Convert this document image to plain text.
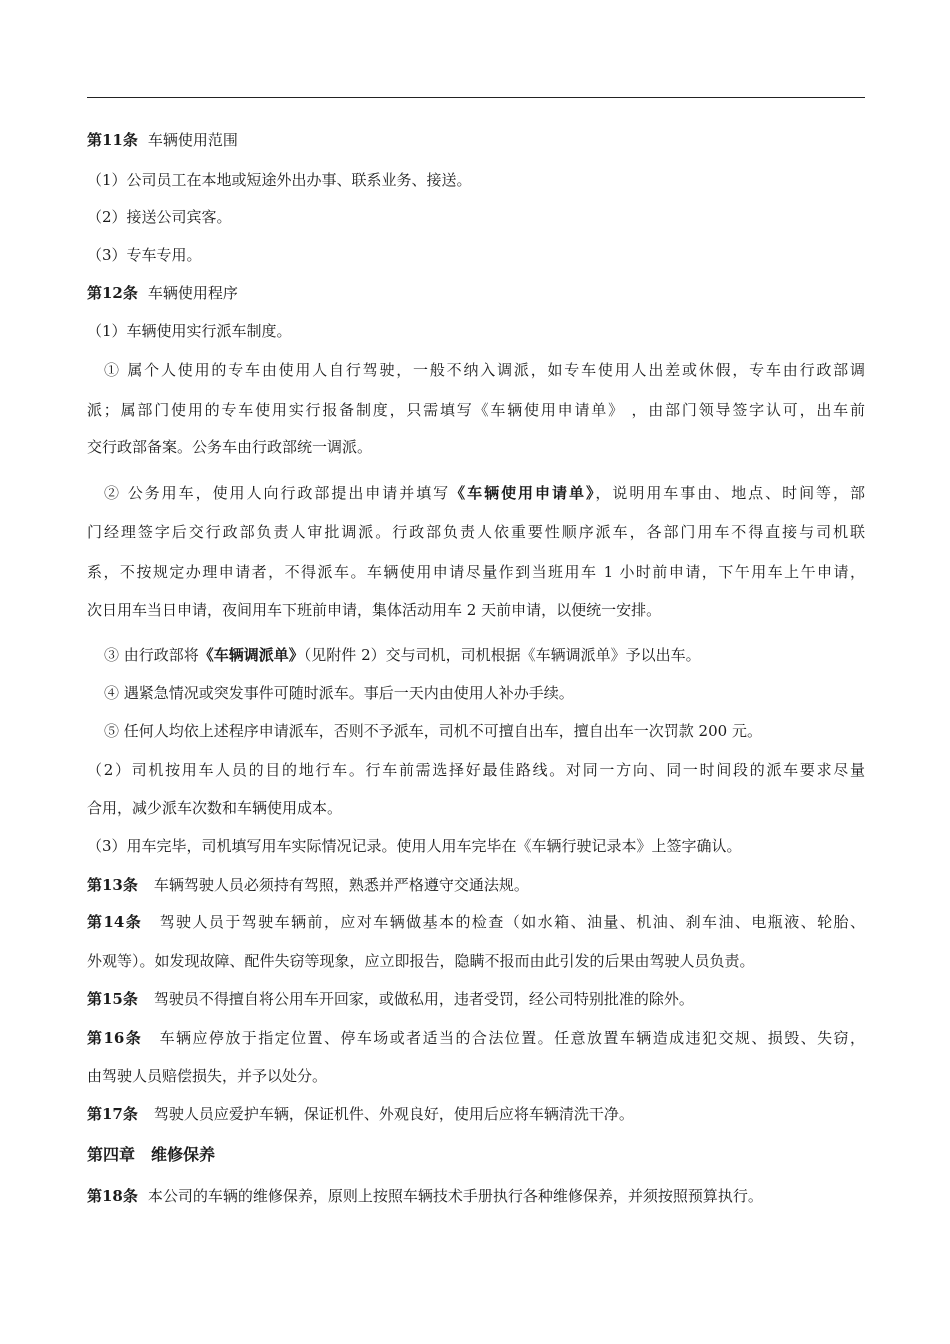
第11条 车辆使用范围
（1）公司员工在本地或短途外出办事、联系业务、接送。
（2）接送公司宾客。
（3）专车专用。
第12条 车辆使用程序
（1）车辆使用实行派车制度。
① 属个人使用的专车由使用人自行驾驶，一般不纳入调派，如专车使用人出差或休假，专车由行政部调
派；属部门使用的专车使用实行报备制度，只需填写《车辆使用申请单》 ，由部门领导签字认可，出车前
交行政部备案。公务车由行政部统一调派。
② 公务用车，使用人向行政部提出申请并填写《车辆使用申请单》，说明用车事由、地点、时间等，部
门经理签字后交行政部负责人审批调派。行政部负责人依重要性顺序派车，各部门用车不得直接与司机联
系，不按规定办理申请者，不得派车。车辆使用申请尽量作到当班用车 1 小时前申请，下午用车上午申请，
次日用车当日申请，夜间用车下班前申请，集体活动用车 2 天前申请，以便统一安排。
③ 由行政部将《车辆调派单》（见附件 2）交与司机，司机根据《车辆调派单》予以出车。
④ 遇紧急情况或突发事件可随时派车。事后一天内由使用人补办手续。
⑤ 任何人均依上述程序申请派车，否则不予派车，司机不可擅自出车，擅自出车一次罚款 200 元。
（2）司机按用车人员的目的地行车。行车前需选择好最佳路线。对同一方向、同一时间段的派车要求尽量
合用，减少派车次数和车辆使用成本。
（3）用车完毕，司机填写用车实际情况记录。使用人用车完毕在《车辆行驶记录本》上签字确认。
第13条 车辆驾驶人员必须持有驾照，熟悉并严格遵守交通法规。
第14条 驾驶人员于驾驶车辆前，应对车辆做基本的检查（如水箱、油量、机油、刹车油、电瓶液、轮胎、
外观等）。如发现故障、配件失窃等现象，应立即报告，隐瞒不报而由此引发的后果由驾驶人员负责。
第15条 驾驶员不得擅自将公用车开回家，或做私用，违者受罚，经公司特别批准的除外。
第16条 车辆应停放于指定位置、停车场或者适当的合法位置。任意放置车辆造成违犯交规、损毁、失窃，
由驾驶人员赔偿损失，并予以处分。
第17条 驾驶人员应爱护车辆，保证机件、外观良好，使用后应将车辆清洗干净。
第四章 维修保养
第18条 本公司的车辆的维修保养，原则上按照车辆技术手册执行各种维修保养，并须按照预算执行。
